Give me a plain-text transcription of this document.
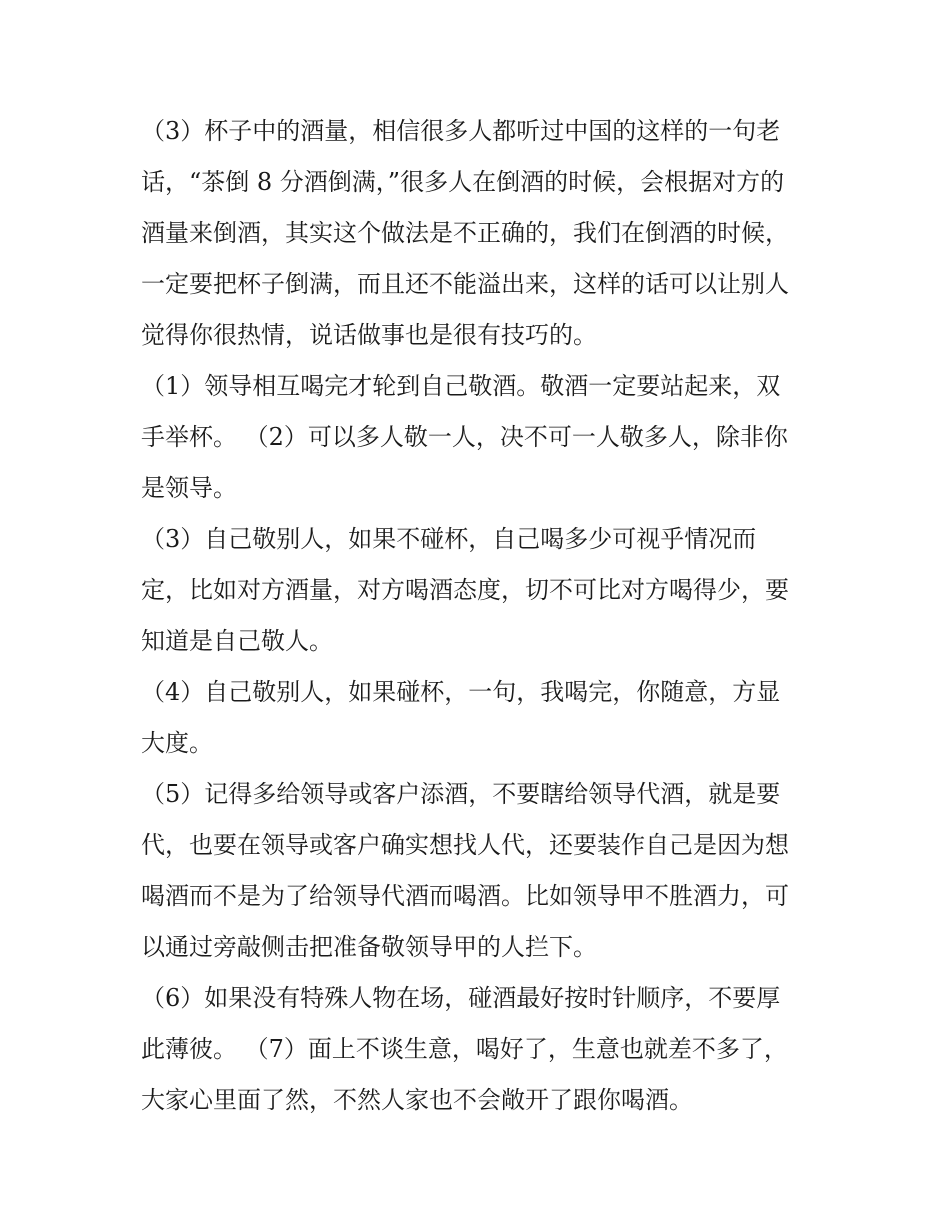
（3）杯子中的酒量，相信很多人都听过中国的这样的一句老
话，“茶倒 8 分酒倒满，”很多人在倒酒的时候，会根据对方的
酒量来倒酒，其实这个做法是不正确的，我们在倒酒的时候，
一定要把杯子倒满，而且还不能溢出来，这样的话可以让别人
觉得你很热情，说话做事也是很有技巧的。
（1）领导相互喝完才轮到自己敬酒。敬酒一定要站起来，双
手举杯。 （2）可以多人敬一人，决不可一人敬多人，除非你
是领导。
（3）自己敬别人，如果不碰杯，自己喝多少可视乎情况而
定，比如对方酒量，对方喝酒态度，切不可比对方喝得少，要
知道是自己敬人。
（4）自己敬别人，如果碰杯，一句，我喝完，你随意，方显
大度。
（5）记得多给领导或客户添酒，不要瞎给领导代酒，就是要
代，也要在领导或客户确实想找人代，还要装作自己是因为想
喝酒而不是为了给领导代酒而喝酒。比如领导甲不胜酒力，可
以通过旁敲侧击把准备敬领导甲的人拦下。
（6）如果没有特殊人物在场，碰酒最好按时针顺序，不要厚
此薄彼。 （7）面上不谈生意，喝好了，生意也就差不多了，
大家心里面了然，不然人家也不会敞开了跟你喝酒。
